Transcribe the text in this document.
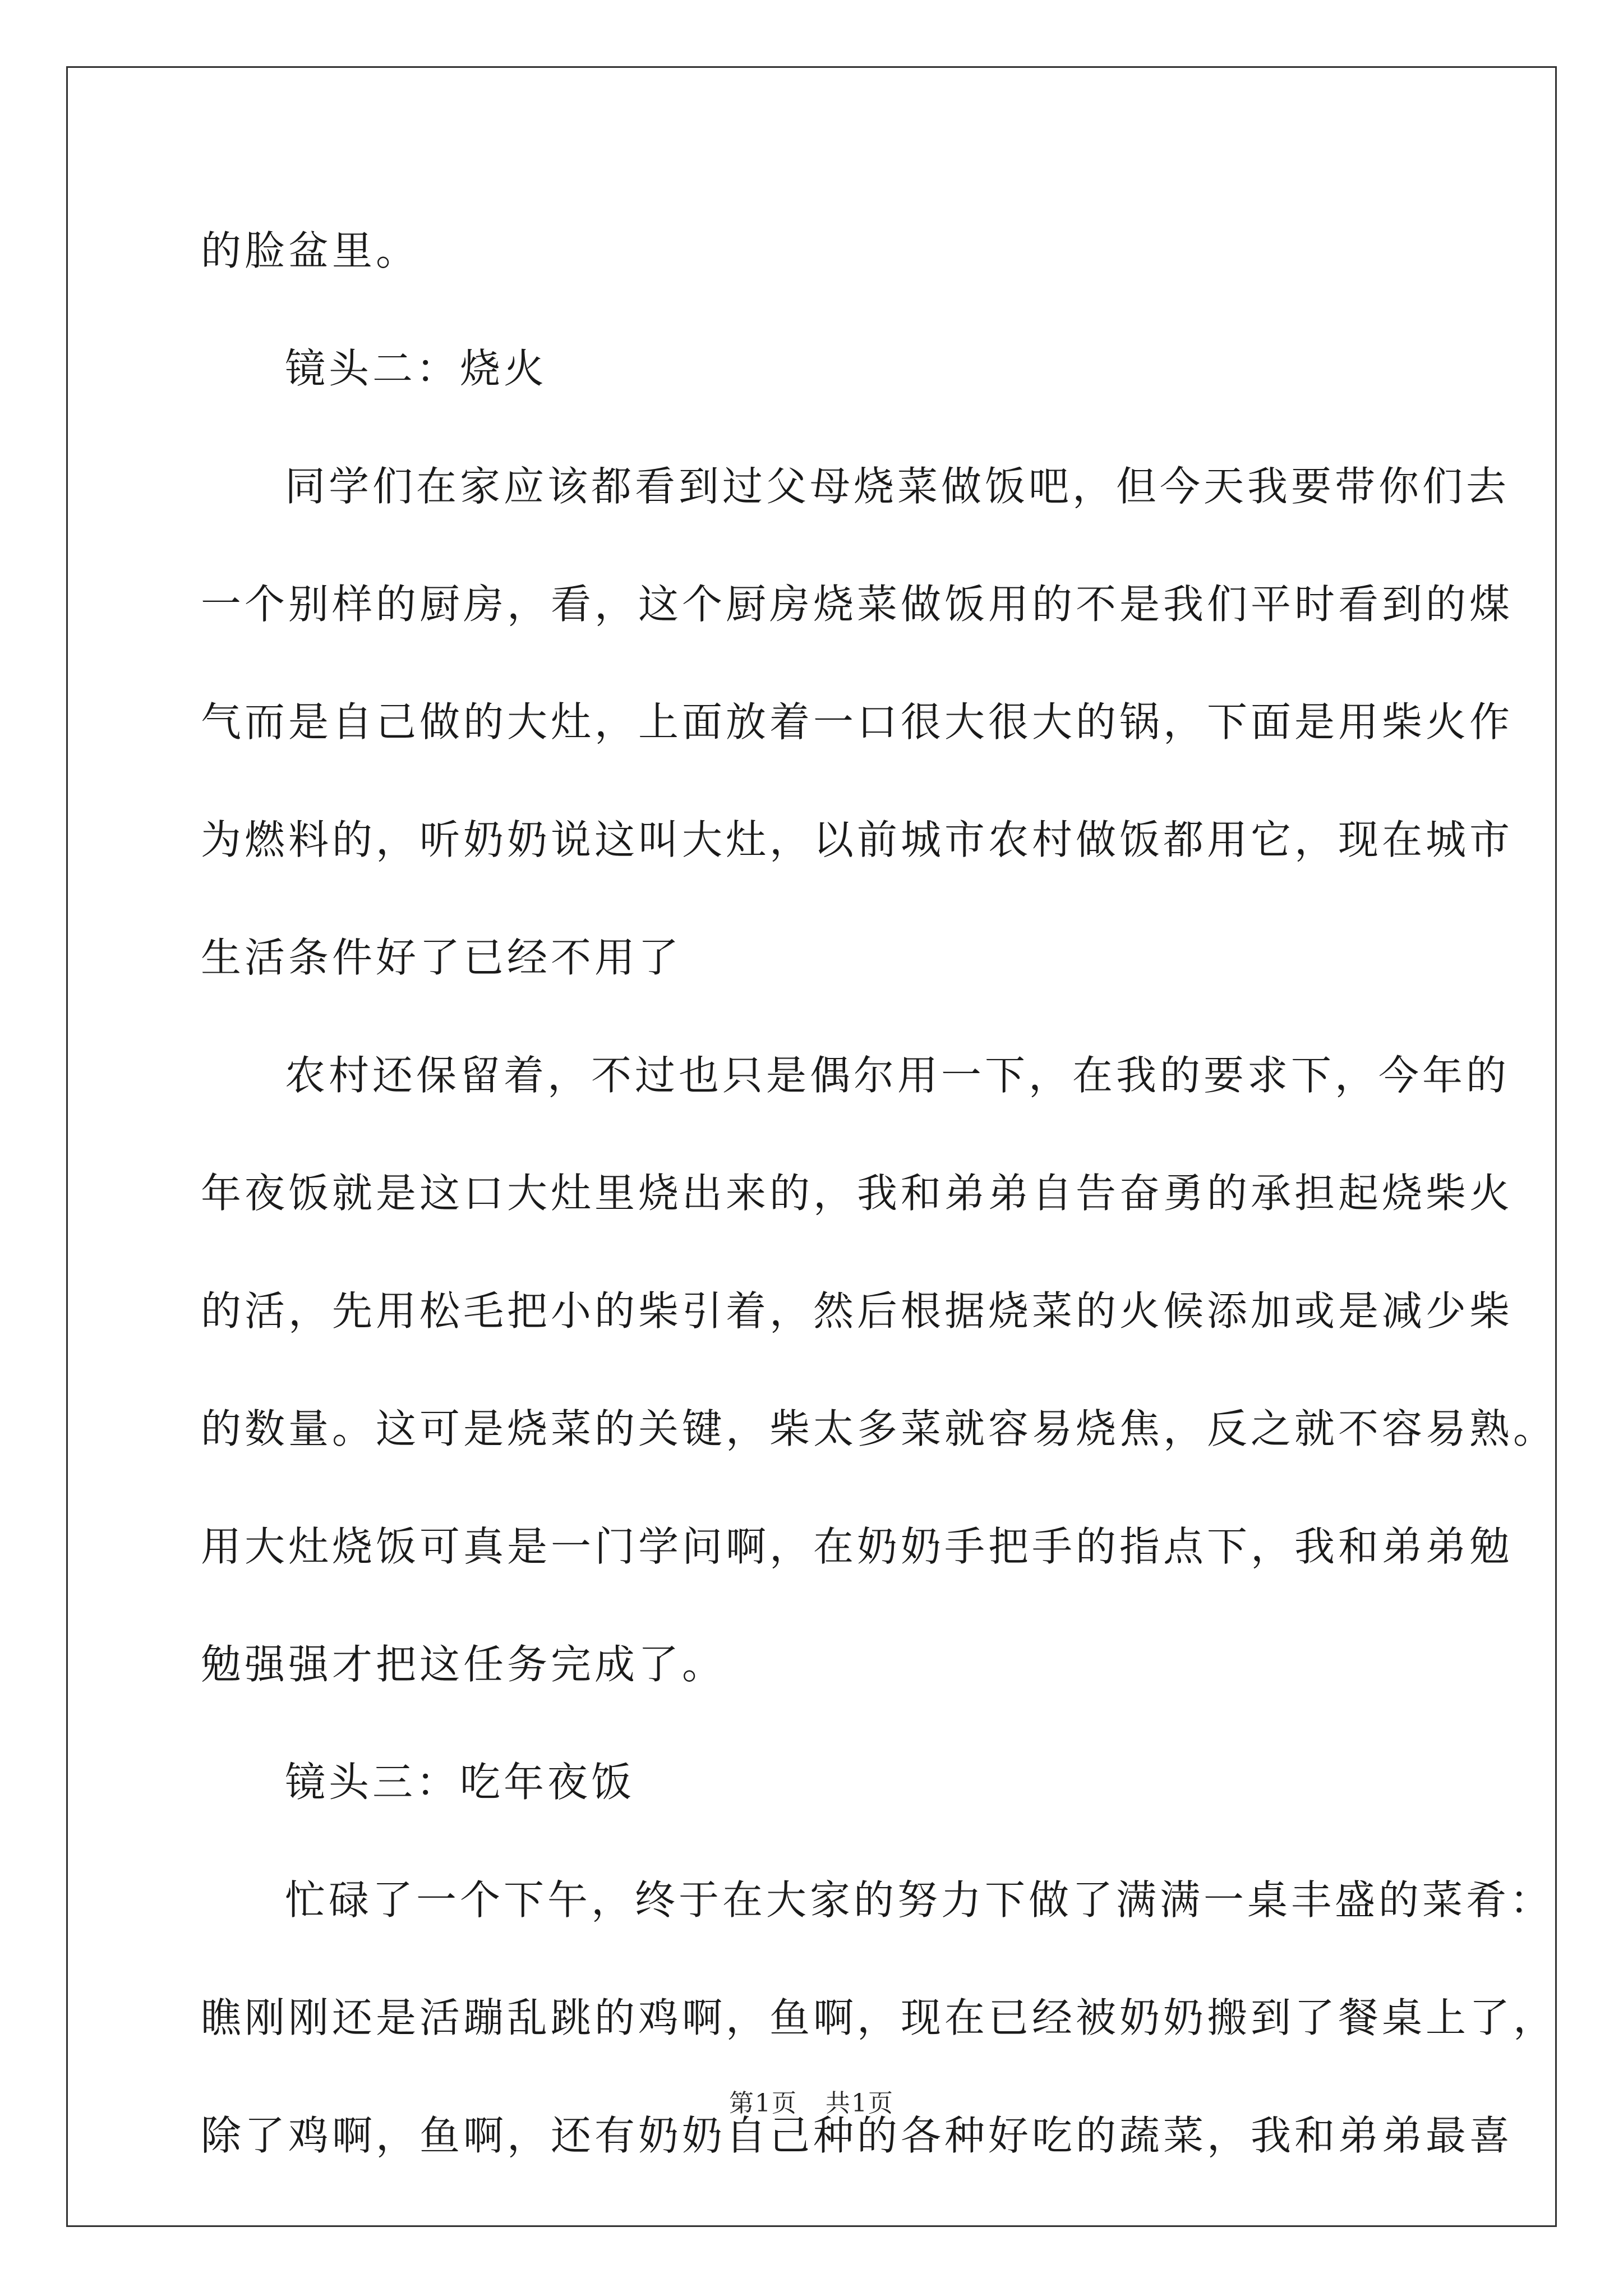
的脸盆里。
镜头二：烧火
同学们在家应该都看到过父母烧菜做饭吧，但今天我要带你们去
一个别样的厨房，看，这个厨房烧菜做饭用的不是我们平时看到的煤
气而是自己做的大灶，上面放着一口很大很大的锅，下面是用柴火作
为燃料的，听奶奶说这叫大灶，以前城市农村做饭都用它，现在城市
生活条件好了已经不用了
农村还保留着，不过也只是偶尔用一下，在我的要求下，今年的
年夜饭就是这口大灶里烧出来的，我和弟弟自告奋勇的承担起烧柴火
的活，先用松毛把小的柴引着，然后根据烧菜的火候添加或是减少柴
的数量。这可是烧菜的关键，柴太多菜就容易烧焦，反之就不容易熟。
用大灶烧饭可真是一门学问啊，在奶奶手把手的指点下，我和弟弟勉
勉强强才把这任务完成了。
镜头三：吃年夜饭
忙碌了一个下午，终于在大家的努力下做了满满一桌丰盛的菜肴：
瞧刚刚还是活蹦乱跳的鸡啊，鱼啊，现在已经被奶奶搬到了餐桌上了，
除了鸡啊，鱼啊，还有奶奶自己种的各种好吃的蔬菜，我和弟弟最喜
第1页 共1页
